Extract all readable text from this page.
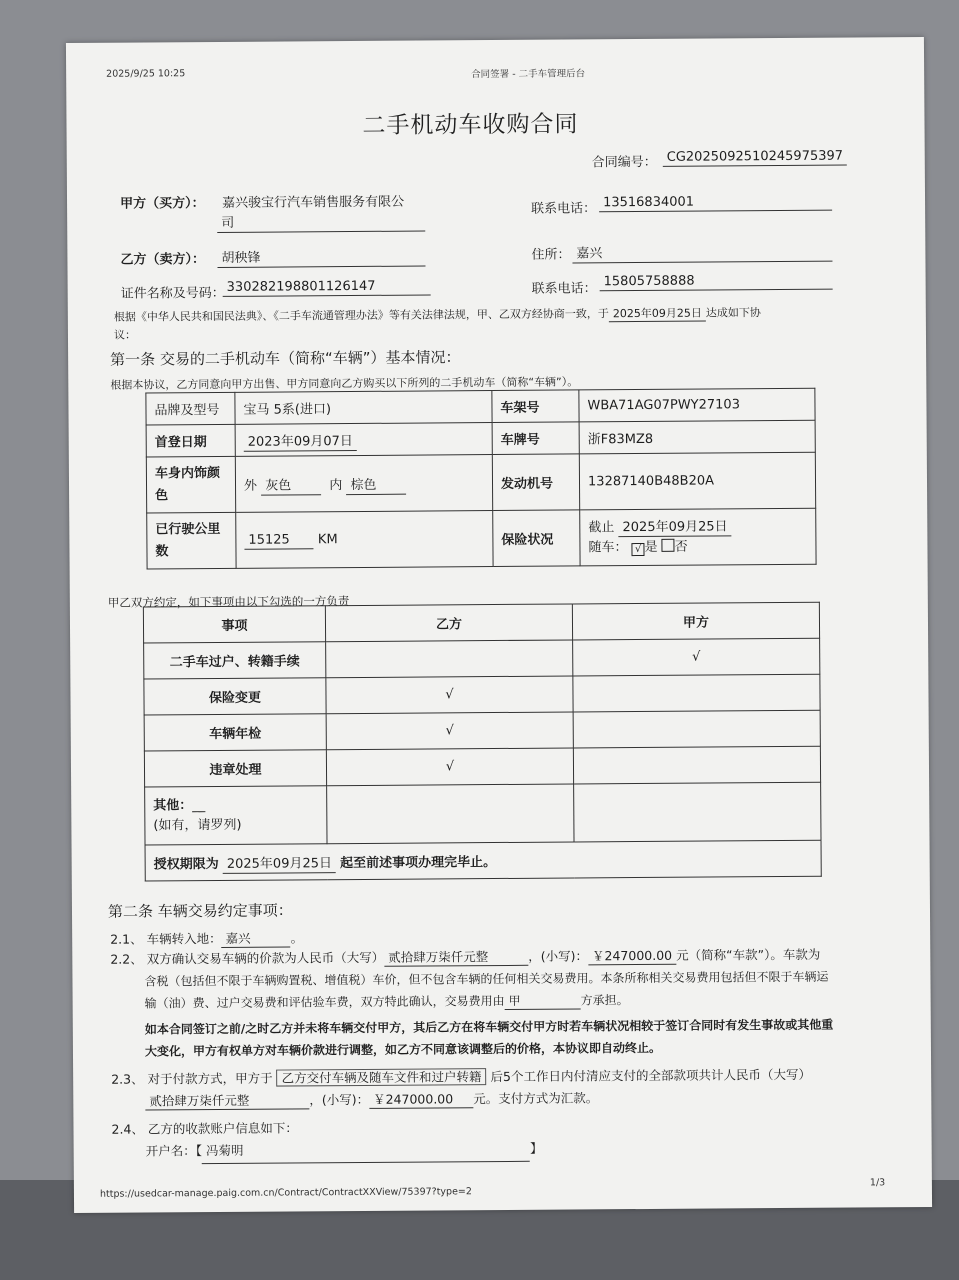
2025/9/25 10:25	合同签署 - 二手车管理后台
二手机动车收购合同
合同编号： CG2025092510245975397
甲方（买方）： 嘉兴骏宝行汽车销售服务有限公
司
联系电话： 13516834001
乙方（卖方）：	胡秧锋	住所： 嘉兴
证件名称及号码： 330282198801126147	联系电话： 15805758888
根据《中华人民共和国民法典》、《二手车流通管理办法》等有关法律法规，甲、乙双方经协商一致，于 2025年09月25日 达成如下协
议：
第一条 交易的二手机动车（简称“车辆”）基本情况：
根据本协议，乙方同意向甲方出售、甲方同意向乙方购买以下所列的二手机动车（简称“车辆”）。
品牌及型号	宝马 5系(进口)	车架号	WBA71AG07PWY27103
首登日期	2023年09月07日	车牌号	浙F83MZ8
车身内饰颜色	外 灰色 内 棕色	发动机号	13287140B48B20A
已行驶公里数	15125 KM	保险状况	截止 2025年09月25日
随车： √ 是 否
甲乙双方约定，如下事项由以下勾选的一方负责
事项	乙方	甲方
二手车过户、转籍手续		√
保险变更	√	
车辆年检	√	
违章处理	√	

其他：__
(如有，请罗列)		

授权期限为 2025年09月25日 起至前述事项办理完毕止。		
第二条 车辆交易约定事项：
2.1、 车辆转入地： 嘉兴	。
2.2、 双方确认交易车辆的价款为人民币（大写） 贰拾肆万柒仟元整	，(小写)： ￥247000.00 元（简称“车款”）。车款为
含税（包括但不限于车辆购置税、增值税）车价，但不包含车辆的任何相关交易费用。本条所称相关交易费用包括但不限于车辆运
输（油）费、过户交易费和评估验车费，双方特此确认，交易费用由 甲	方承担。
如本合同签订之前/之时乙方并未将车辆交付甲方，其后乙方在将车辆交付甲方时若车辆状况相较于签订合同时有发生事故或其他重
大变化，甲方有权单方对车辆价款进行调整，如乙方不同意该调整后的价格，本协议即自动终止。
2.3、 对于付款方式，甲方于 乙方交付车辆及随车文件和过户转籍 后5个工作日内付清应支付的全部款项共计人民币（大写）
贰拾肆万柒仟元整	，(小写)： ￥247000.00 元。支付方式为汇款。
2.4、 乙方的收款账户信息如下：
开户名：【 冯菊明	】
https://usedcar-manage.paig.com.cn/Contract/ContractXXView/75397?type=2
1/3
